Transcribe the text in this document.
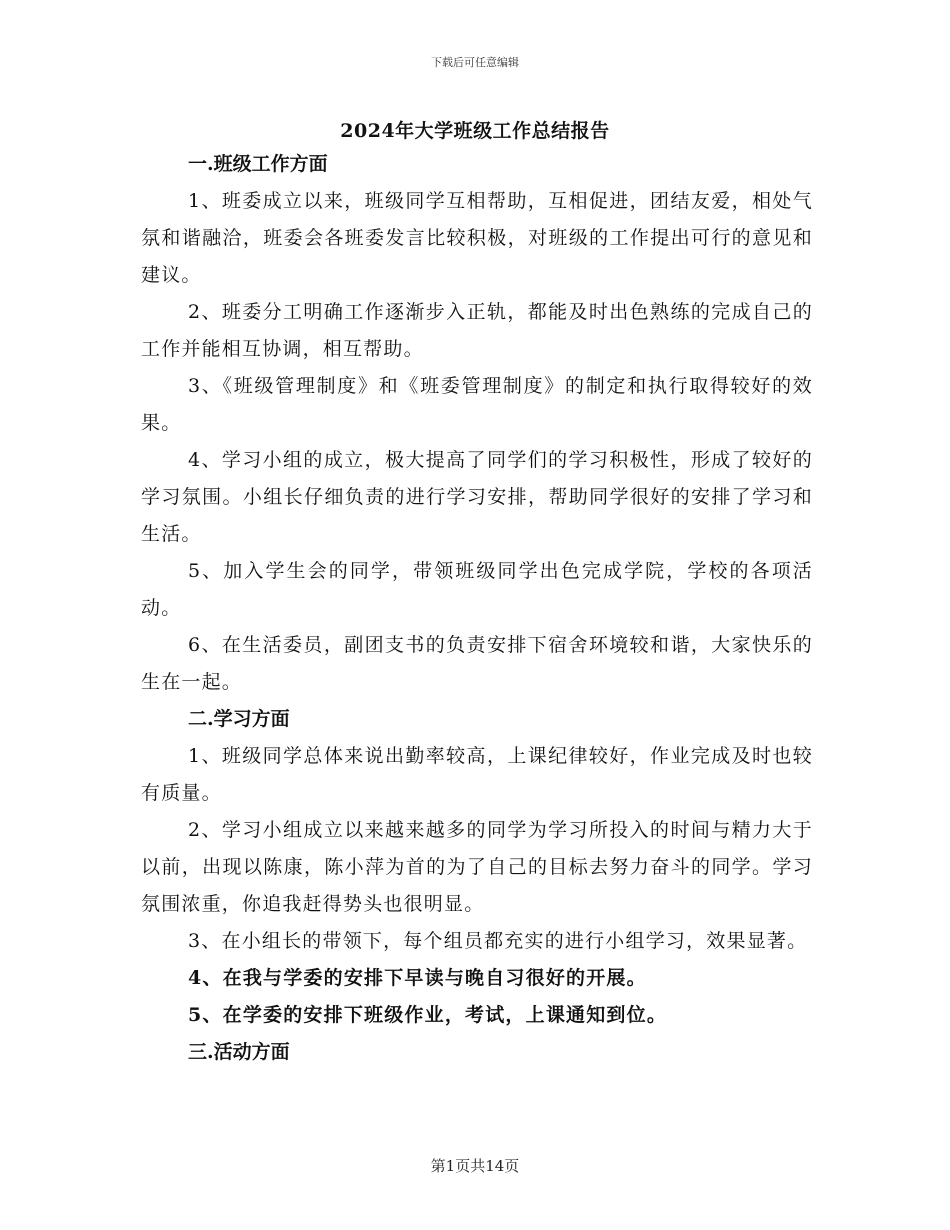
下载后可任意编辑
2024年大学班级工作总结报告

一.班级工作方面

1、班委成立以来，班级同学互相帮助，互相促进，团结友爱，相处气氛和谐融洽，班委会各班委发言比较积极，对班级的工作提出可行的意见和建议。

2、班委分工明确工作逐渐步入正轨，都能及时出色熟练的完成自己的工作并能相互协调，相互帮助。

3、《班级管理制度》和《班委管理制度》的制定和执行取得较好的效果。

4、学习小组的成立，极大提高了同学们的学习积极性，形成了较好的学习氛围。小组长仔细负责的进行学习安排，帮助同学很好的安排了学习和生活。

5、加入学生会的同学，带领班级同学出色完成学院，学校的各项活动。

6、在生活委员，副团支书的负责安排下宿舍环境较和谐，大家快乐的生在一起。

二.学习方面

1、班级同学总体来说出勤率较高，上课纪律较好，作业完成及时也较有质量。

2、学习小组成立以来越来越多的同学为学习所投入的时间与精力大于以前，出现以陈康，陈小萍为首的为了自己的目标去努力奋斗的同学。学习氛围浓重，你追我赶得势头也很明显。

3、在小组长的带领下，每个组员都充实的进行小组学习，效果显著。

4、在我与学委的安排下早读与晚自习很好的开展。

5、在学委的安排下班级作业，考试，上课通知到位。

三.活动方面

第1页共14页
